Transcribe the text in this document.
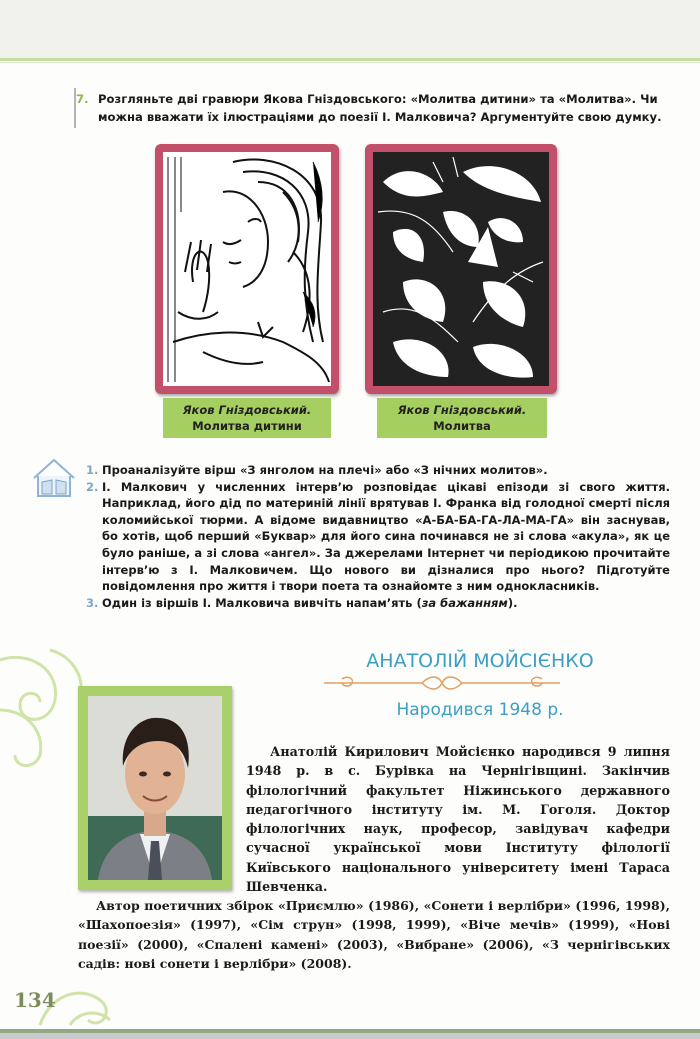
7. Розгляньте дві гравюри Якова Гніздовського: «Молитва дитини» та «Молитва». Чи можна вважати їх ілюстраціями до поезії І. Малковича? Аргументуйте свою думку.
Яков Гніздовський.
Молитва дитини
Яков Гніздовський.
Молитва
1. Проаналізуйте вірш «З янголом на плечі» або «З нічних молитов».
2. І. Малкович у численних інтерв’ю розповідає цікаві епізоди зі свого життя. Наприклад, його дід по материній лінії врятував І. Франка від голодної смерті після коломийської тюрми. А відоме видавництво «А-БА-БА-ГА-ЛА-МА-ГА» він заснував, бо хотів, щоб перший «Буквар» для його сина починався не зі слова «акула», як це було раніше, а зі слова «ангел». За джерелами Інтернет чи періодикою прочитайте інтерв’ю з І. Малковичем. Що нового ви дізналися про нього? Підготуйте повідомлення про життя і твори поета та ознайомте з ним однокласників.
3. Один із віршів І. Малковича вивчіть напам’ять (за бажанням).
АНАТОЛІЙ МОЙСІЄНКО
Народився 1948 р.

Анатолій Кирилович Мойсієнко народився 9 липня 1948 р. в с. Бурівка на Чернігівщині. Закінчив філологічний факультет Ніжинського державного педагогічного інституту ім. М. Гоголя. Доктор філологічних наук, професор, завідувач кафедри сучасної української мови Інституту філології Київського національного університету імені Тараса Шевченка.

Автор поетичних збірок «Приємлю» (1986), «Сонети і верлібри» (1996, 1998), «Шахопоезія» (1997), «Сім струн» (1998, 1999), «Віче мечів» (1999), «Нові поезії» (2000), «Спалені камені» (2003), «Вибране» (2006), «З чернігівських садів: нові сонети і верлібри» (2008).

134
